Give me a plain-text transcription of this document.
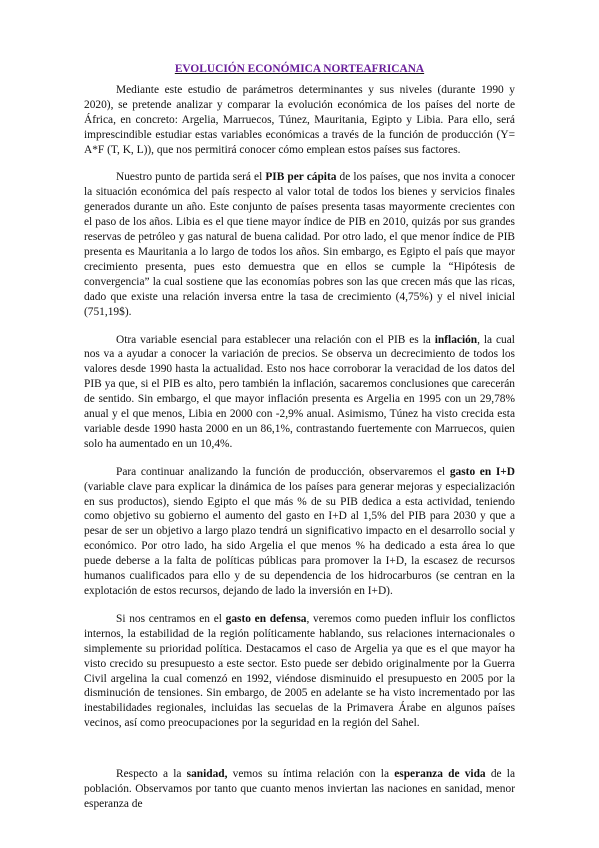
EVOLUCIÓN ECONÓMICA NORTEAFRICANA

Mediante este estudio de parámetros determinantes y sus niveles (durante 1990 y 2020), se pretende analizar y comparar la evolución económica de los países del norte de África, en concreto: Argelia, Marruecos, Túnez, Mauritania, Egipto y Libia. Para ello, será imprescindible estudiar estas variables económicas a través de la función de producción (Y= A*F (T, K, L)), que nos permitirá conocer cómo emplean estos países sus factores.

Nuestro punto de partida será el PIB per cápita de los países, que nos invita a conocer la situación económica del país respecto al valor total de todos los bienes y servicios finales generados durante un año. Este conjunto de países presenta tasas mayormente crecientes con el paso de los años. Libia es el que tiene mayor índice de PIB en 2010, quizás por sus grandes reservas de petróleo y gas natural de buena calidad. Por otro lado, el que menor índice de PIB presenta es Mauritania a lo largo de todos los años. Sin embargo, es Egipto el país que mayor crecimiento presenta, pues esto demuestra que en ellos se cumple la “Hipótesis de convergencia” la cual sostiene que las economías pobres son las que crecen más que las ricas, dado que existe una relación inversa entre la tasa de crecimiento (4,75%) y el nivel inicial (751,19$).

Otra variable esencial para establecer una relación con el PIB es la inflación, la cual nos va a ayudar a conocer la variación de precios. Se observa un decrecimiento de todos los valores desde 1990 hasta la actualidad. Esto nos hace corroborar la veracidad de los datos del PIB ya que, si el PIB es alto, pero también la inflación, sacaremos conclusiones que carecerán de sentido. Sin embargo, el que mayor inflación presenta es Argelia en 1995 con un 29,78% anual y el que menos, Libia en 2000 con -2,9% anual. Asimismo, Túnez ha visto crecida esta variable desde 1990 hasta 2000 en un 86,1%, contrastando fuertemente con Marruecos, quien solo ha aumentado en un 10,4%.

Para continuar analizando la función de producción, observaremos el gasto en I+D (variable clave para explicar la dinámica de los países para generar mejoras y especialización en sus productos), siendo Egipto el que más % de su PIB dedica a esta actividad, teniendo como objetivo su gobierno el aumento del gasto en I+D al 1,5% del PIB para 2030 y que a pesar de ser un objetivo a largo plazo tendrá un significativo impacto en el desarrollo social y económico. Por otro lado, ha sido Argelia el que menos % ha dedicado a esta área lo que puede deberse a la falta de políticas públicas para promover la I+D, la escasez de recursos humanos cualificados para ello y de su dependencia de los hidrocarburos (se centran en la explotación de estos recursos, dejando de lado la inversión en I+D).

Si nos centramos en el gasto en defensa, veremos como pueden influir los conflictos internos, la estabilidad de la región políticamente hablando, sus relaciones internacionales o simplemente su prioridad política. Destacamos el caso de Argelia ya que es el que mayor ha visto crecido su presupuesto a este sector. Esto puede ser debido originalmente por la Guerra Civil argelina la cual comenzó en 1992, viéndose disminuido el presupuesto en 2005 por la disminución de tensiones. Sin embargo, de 2005 en adelante se ha visto incrementado por las inestabilidades regionales, incluidas las secuelas de la Primavera Árabe en algunos países vecinos, así como preocupaciones por la seguridad en la región del Sahel.

Respecto a la sanidad, vemos su íntima relación con la esperanza de vida de la población. Observamos por tanto que cuanto menos inviertan las naciones en sanidad, menor esperanza de
